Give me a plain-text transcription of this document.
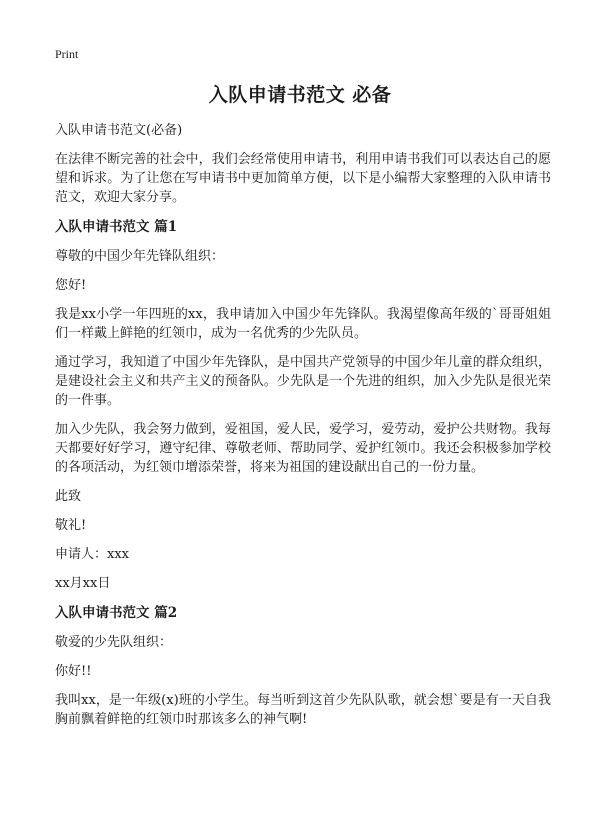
Print
入队申请书范文 必备

入队申请书范文(必备)

在法律不断完善的社会中，我们会经常使用申请书，利用申请书我们可以表达自己的愿望和诉求。为了让您在写申请书中更加简单方便，以下是小编帮大家整理的入队申请书范文，欢迎大家分享。

入队申请书范文 篇1

尊敬的中国少年先锋队组织：

您好!

我是xx小学一年四班的xx，我申请加入中国少年先锋队。我渴望像高年级的`哥哥姐姐们一样戴上鲜艳的红领巾，成为一名优秀的少先队员。

通过学习，我知道了中国少年先锋队，是中国共产党领导的中国少年儿童的群众组织，是建设社会主义和共产主义的预备队。少先队是一个先进的组织，加入少先队是很光荣的一件事。

加入少先队，我会努力做到，爱祖国，爱人民，爱学习，爱劳动，爱护公共财物。我每天都要好好学习，遵守纪律、尊敬老师、帮助同学、爱护红领巾。我还会积极参加学校的各项活动，为红领巾增添荣誉，将来为祖国的建设献出自己的一份力量。

此致

敬礼!

申请人：xxx

xx月xx日

入队申请书范文 篇2

敬爱的少先队组织：

你好!!

我叫xx，是一年级(x)班的小学生。每当听到这首少先队队歌，就会想`要是有一天自我胸前飘着鲜艳的红领巾时那该多么的神气啊!
